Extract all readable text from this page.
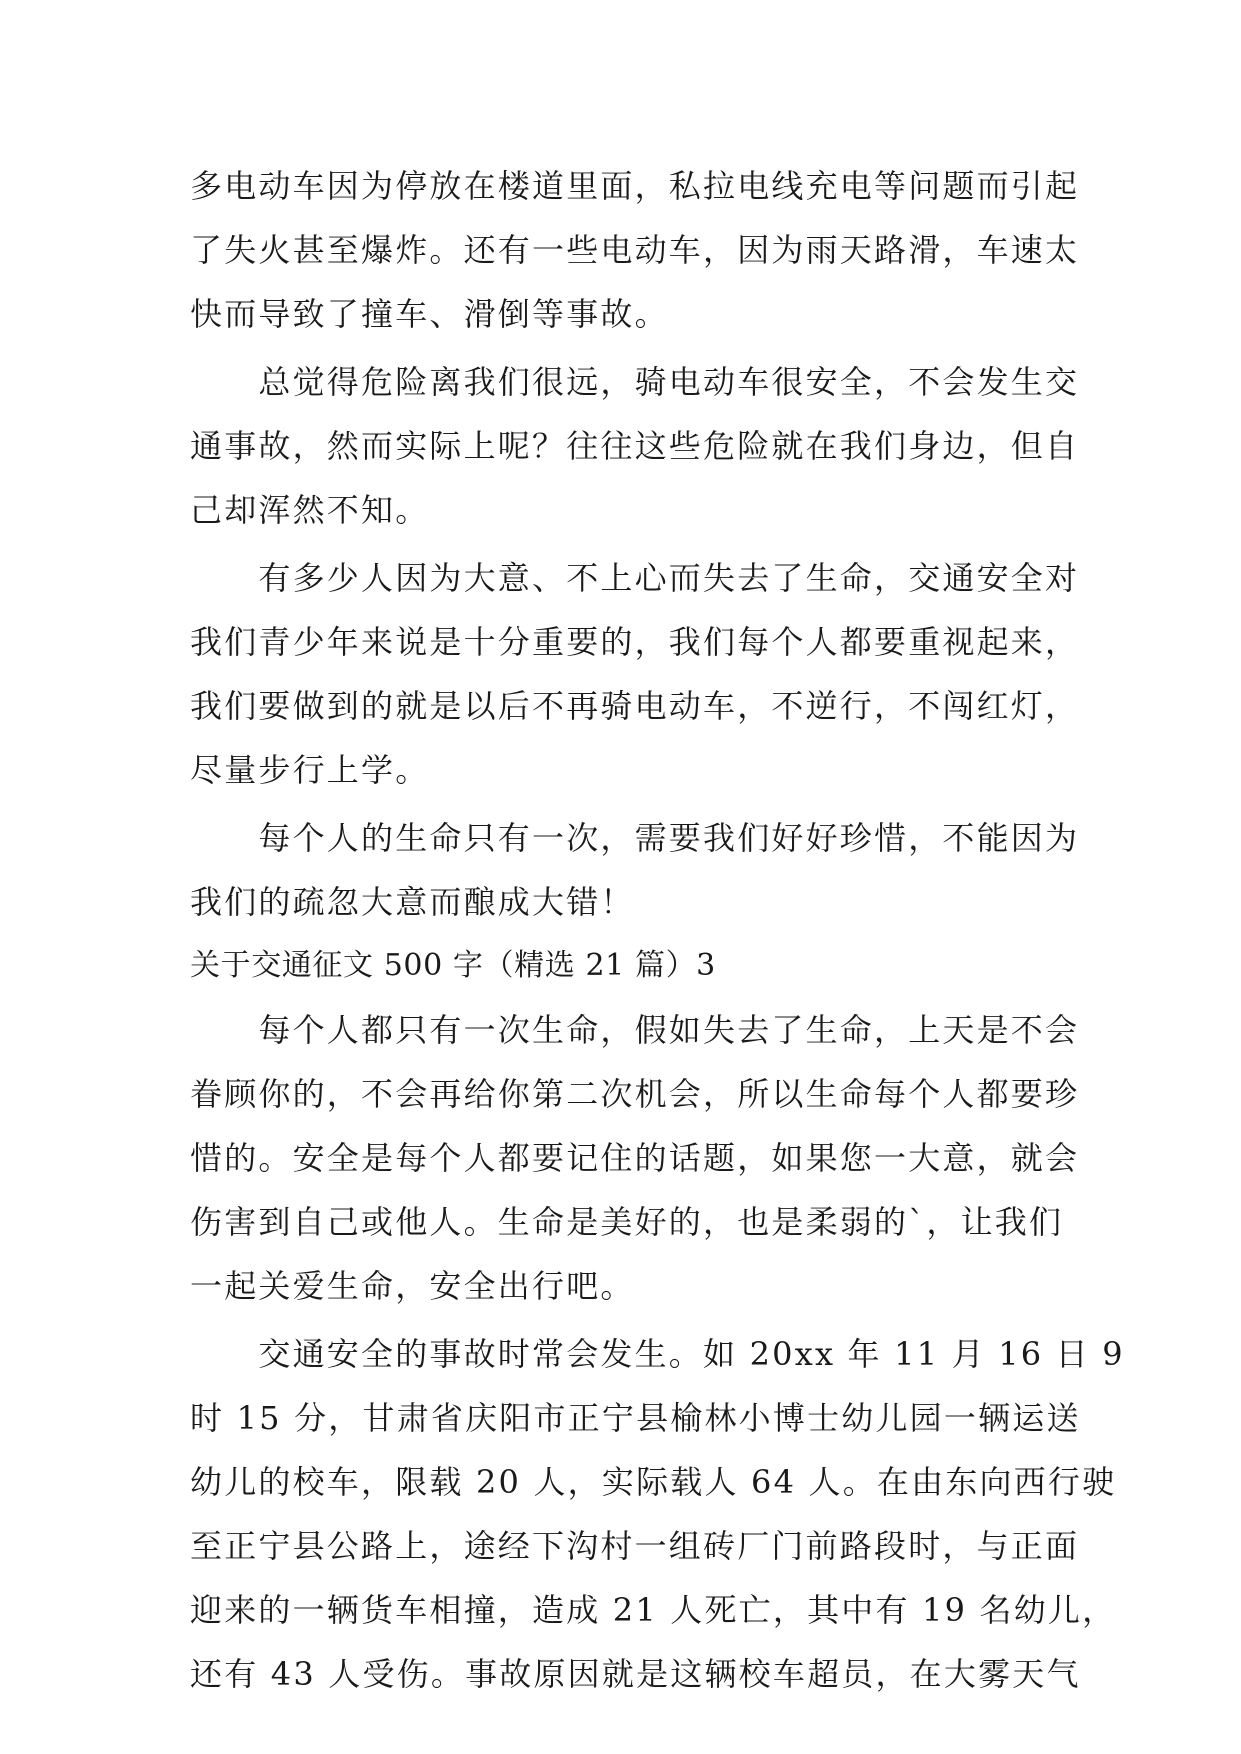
多电动车因为停放在楼道里面，私拉电线充电等问题而引起
了失火甚至爆炸。还有一些电动车，因为雨天路滑，车速太
快而导致了撞车、滑倒等事故。
　　总觉得危险离我们很远，骑电动车很安全，不会发生交
通事故，然而实际上呢？往往这些危险就在我们身边，但自
己却浑然不知。
　　有多少人因为大意、不上心而失去了生命，交通安全对
我们青少年来说是十分重要的，我们每个人都要重视起来，
我们要做到的就是以后不再骑电动车，不逆行，不闯红灯，
尽量步行上学。
　　每个人的生命只有一次，需要我们好好珍惜，不能因为
我们的疏忽大意而酿成大错！
关于交通征文 500 字（精选 21 篇）3
　　每个人都只有一次生命，假如失去了生命，上天是不会
眷顾你的，不会再给你第二次机会，所以生命每个人都要珍
惜的。安全是每个人都要记住的话题，如果您一大意，就会
伤害到自己或他人。生命是美好的，也是柔弱的`，让我们
一起关爱生命，安全出行吧。
　　交通安全的事故时常会发生。如 20xx 年 11 月 16 日 9
时 15 分，甘肃省庆阳市正宁县榆林小博士幼儿园一辆运送
幼儿的校车，限载 20 人，实际载人 64 人。在由东向西行驶
至正宁县公路上，途经下沟村一组砖厂门前路段时，与正面
迎来的一辆货车相撞，造成 21 人死亡，其中有 19 名幼儿，
还有 43 人受伤。事故原因就是这辆校车超员，在大雾天气
